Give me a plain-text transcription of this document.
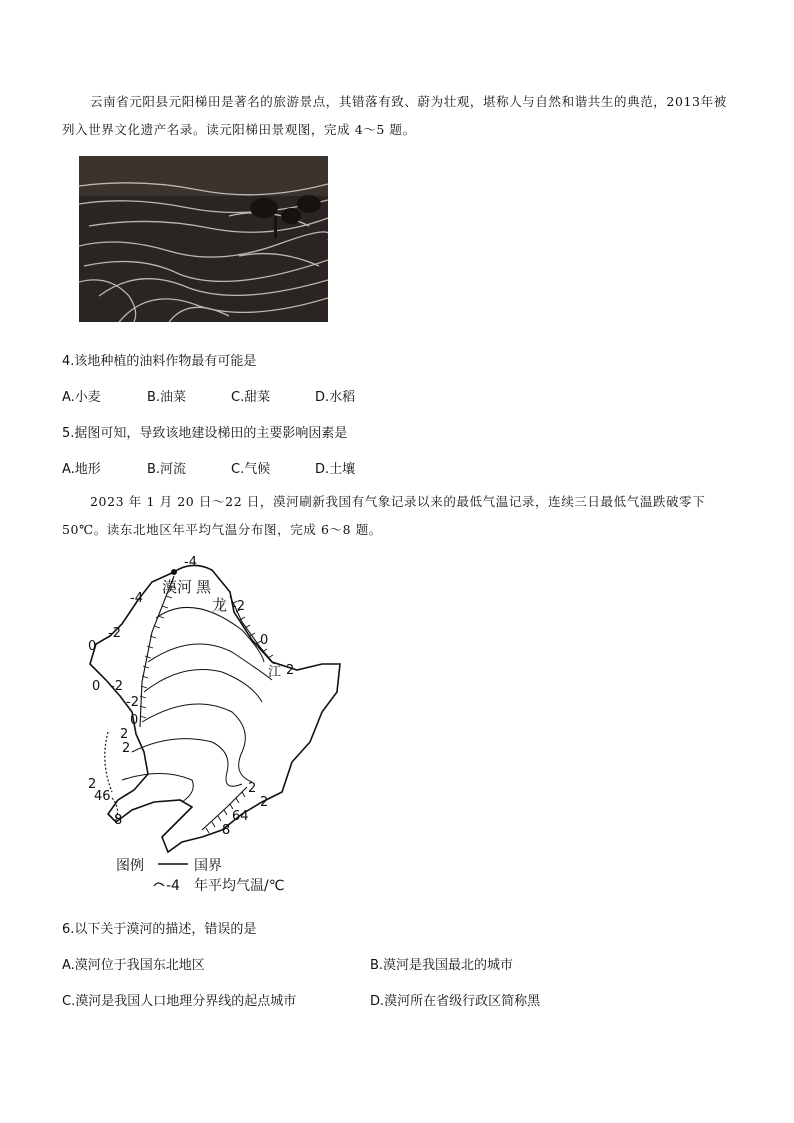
云南省元阳县元阳梯田是著名的旅游景点，其错落有致、蔚为壮观，堪称人与自然和谐共生的典范，2013年被列入世界文化遗产名录。读元阳梯田景观图，完成 4～5 题。
4.该地种植的油料作物最有可能是
A.小麦	B.油菜	C.甜菜	D.水稻
5.据图可知，导致该地建设梯田的主要影响因素是
A.地形	B.河流	C.气候	D.土壤
2023 年 1 月 20 日～22 日，漠河刷新我国有气象记录以来的最低气温记录，连续三日最低气温跌破零下50℃。读东北地区年平均气温分布图，完成 6～8 题。
漠河 黑
龙
江
-4
-4
-2
-2	0
0
-2
0
-2
0
2
2
2
2
46
8
2
2
64
8
图例	国界
-4 年平均气温/℃
6.以下关于漠河的描述，错误的是
A.漠河位于我国东北地区	B.漠河是我国最北的城市
C.漠河是我国人口地理分界线的起点城市	D.漠河所在省级行政区简称黑
